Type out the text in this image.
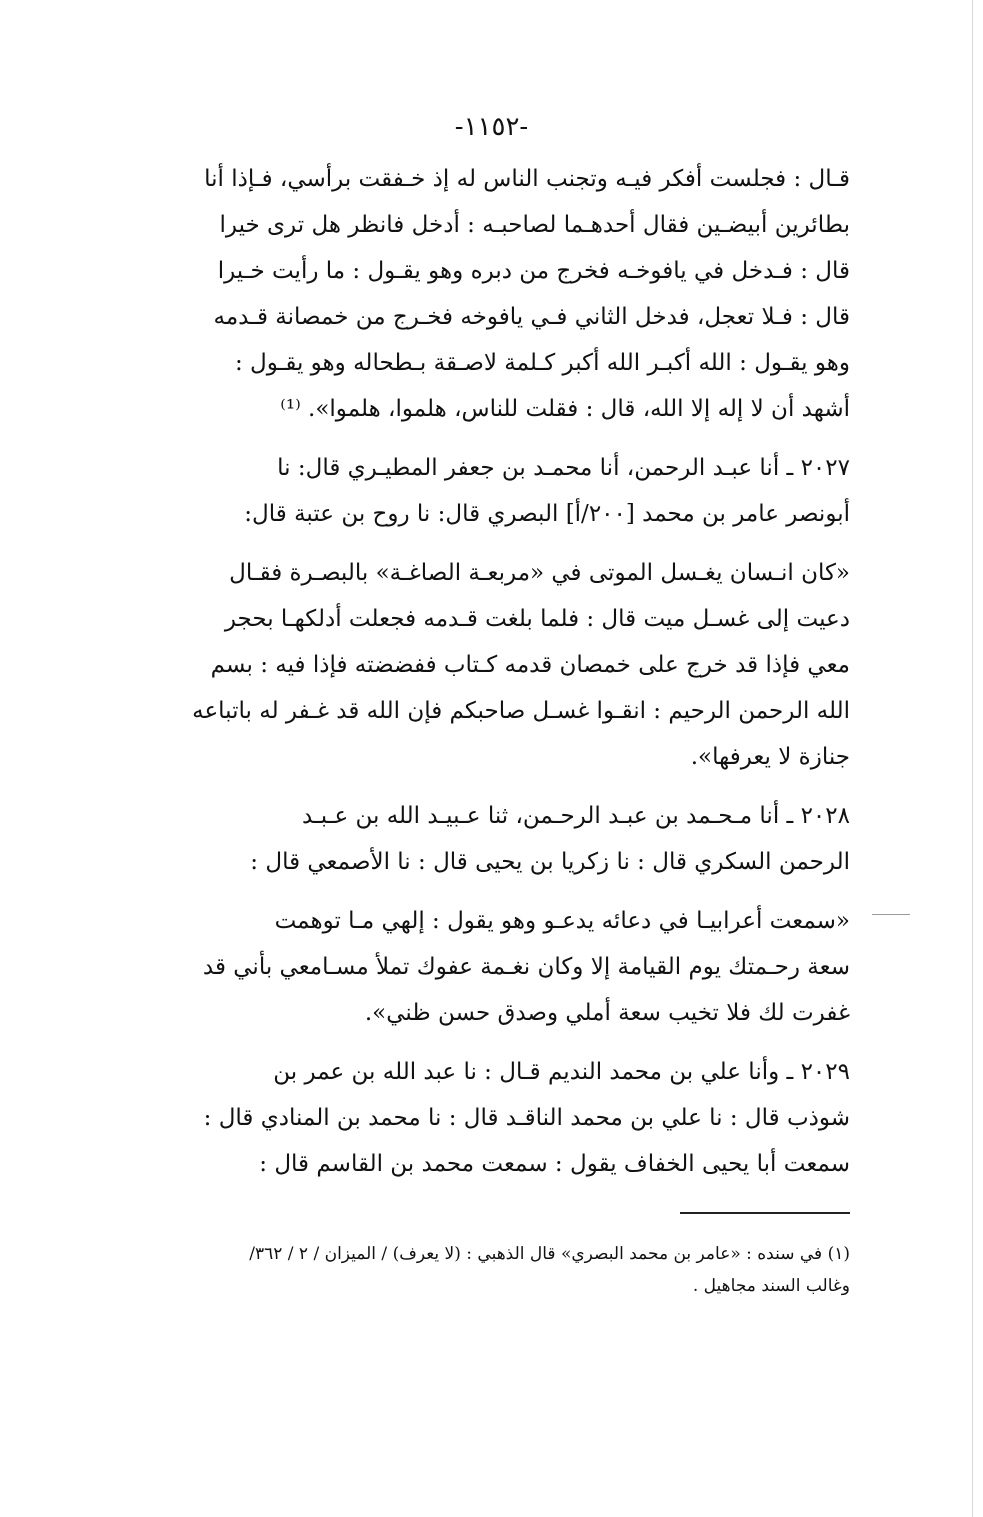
-١١٥٢-

قـال : فجلست أفكر فيـه وتجنب الناس له إذ خـفقت برأسي، فـإذا أنا
بطائرين أبيضـين فقال أحدهـما لصاحبـه : أدخل فانظر هل ترى خيرا
قال : فـدخل في يافوخـه فخرج من دبره وهو يقـول : ما رأيت خـيرا
قال : فـلا تعجل، فدخل الثاني فـي يافوخه فخـرج من خمصانة قـدمه
وهو يقـول : الله أكبـر الله أكبر كـلمة لاصـقة بـطحاله وهو يقـول :
أشهد أن لا إله إلا الله، قال : فقلت للناس، هلموا، هلموا». ⁽¹⁾

٢٠٢٧ ـ أنا عبـد الرحمن، أنا محمـد بن جعفر المطيـري قال: نا
أبونصر عامر بن محمد [٢٠٠/أ] البصري قال: نا روح بن عتبة قال:

«كان انـسان يغـسل الموتى في «مربعـة الصاغـة» بالبصـرة فقـال
دعيت إلى غسـل ميت قال : فلما بلغت قـدمه فجعلت أدلكهـا بحجر
معي فإذا قد خرج على خمصان قدمه كـتاب ففضضته فإذا فيه : بسم
الله الرحمن الرحيم : انقـوا غسـل صاحبكم فإن الله قد غـفر له باتباعه
جنازة لا يعرفها».

٢٠٢٨ ـ أنا مـحـمد بن عبـد الرحـمن، ثنا عـبيـد الله بن عـبـد
الرحمن السكري قال : نا زكريا بن يحيى قال : نا الأصمعي قال :

«سمعت أعرابيـا في دعائه يدعـو وهو يقول : إلهي مـا توهمت
سعة رحـمتك يوم القيامة إلا وكان نغـمة عفوك تملأ مسـامعي بأني قد
غفرت لك فلا تخيب سعة أملي وصدق حسن ظني».

٢٠٢٩ ـ وأنا علي بن محمد النديم قـال : نا عبد الله بن عمر بن
شوذب قال : نا علي بن محمد الناقـد قال : نا محمد بن المنادي قال :
سمعت أبا يحيى الخفاف يقول : سمعت محمد بن القاسم قال :

(١) في سنده : «عامر بن محمد البصري» قال الذهبي : (لا يعرف) / الميزان / ٢ / ٣٦٢/
وغالب السند مجاهيل .
